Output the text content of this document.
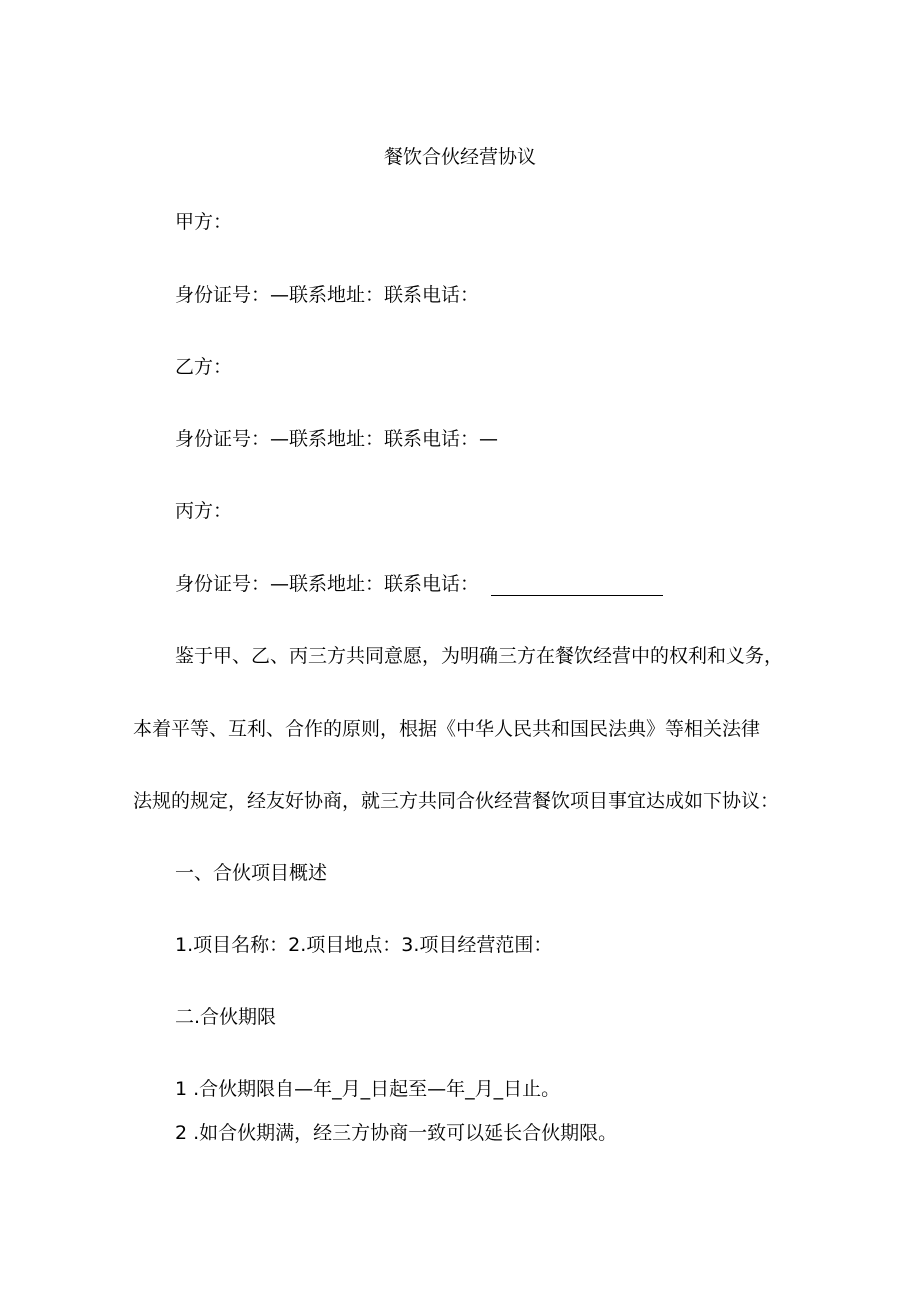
餐饮合伙经营协议
甲方：
身份证号：—联系地址：联系电话：
乙方：
身份证号：—联系地址：联系电话：—
丙方：
身份证号：—联系地址：联系电话：
鉴于甲、乙、丙三方共同意愿，为明确三方在餐饮经营中的权利和义务，
本着平等、互利、合作的原则，根据《中华人民共和国民法典》等相关法律
法规的规定，经友好协商，就三方共同合伙经营餐饮项目事宜达成如下协议：
一、合伙项目概述
1.项目名称：2.项目地点：3.项目经营范围：
二.合伙期限
1 .合伙期限自—年_月_日起至—年_月_日止。
2 .如合伙期满，经三方协商一致可以延长合伙期限。
